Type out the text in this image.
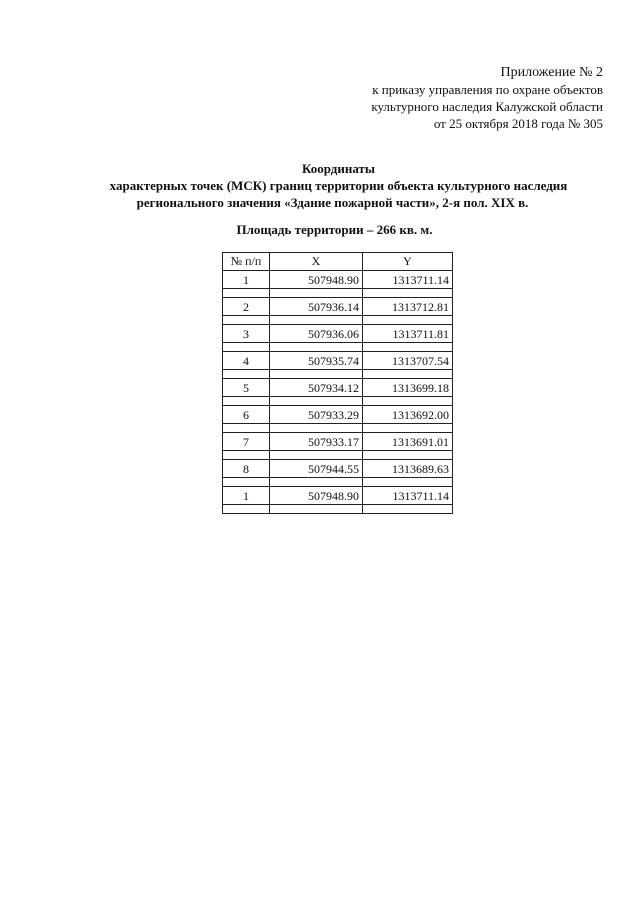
Приложение № 2
к приказу управления по охране объектов
культурного наследия Калужской области
от 25 октября 2018 года № 305
Координаты
характерных точек (МСК) границ территории объекта культурного наследия
регионального значения «Здание пожарной части», 2-я пол. XIX в.
Площадь территории – 266 кв. м.
№ п/п	X	Y
1	507948.90	1313711.14

2	507936.14	1313712.81

3	507936.06	1313711.81

4	507935.74	1313707.54

5	507934.12	1313699.18

6	507933.29	1313692.00

7	507933.17	1313691.01

8	507944.55	1313689.63

1	507948.90	1313711.14
